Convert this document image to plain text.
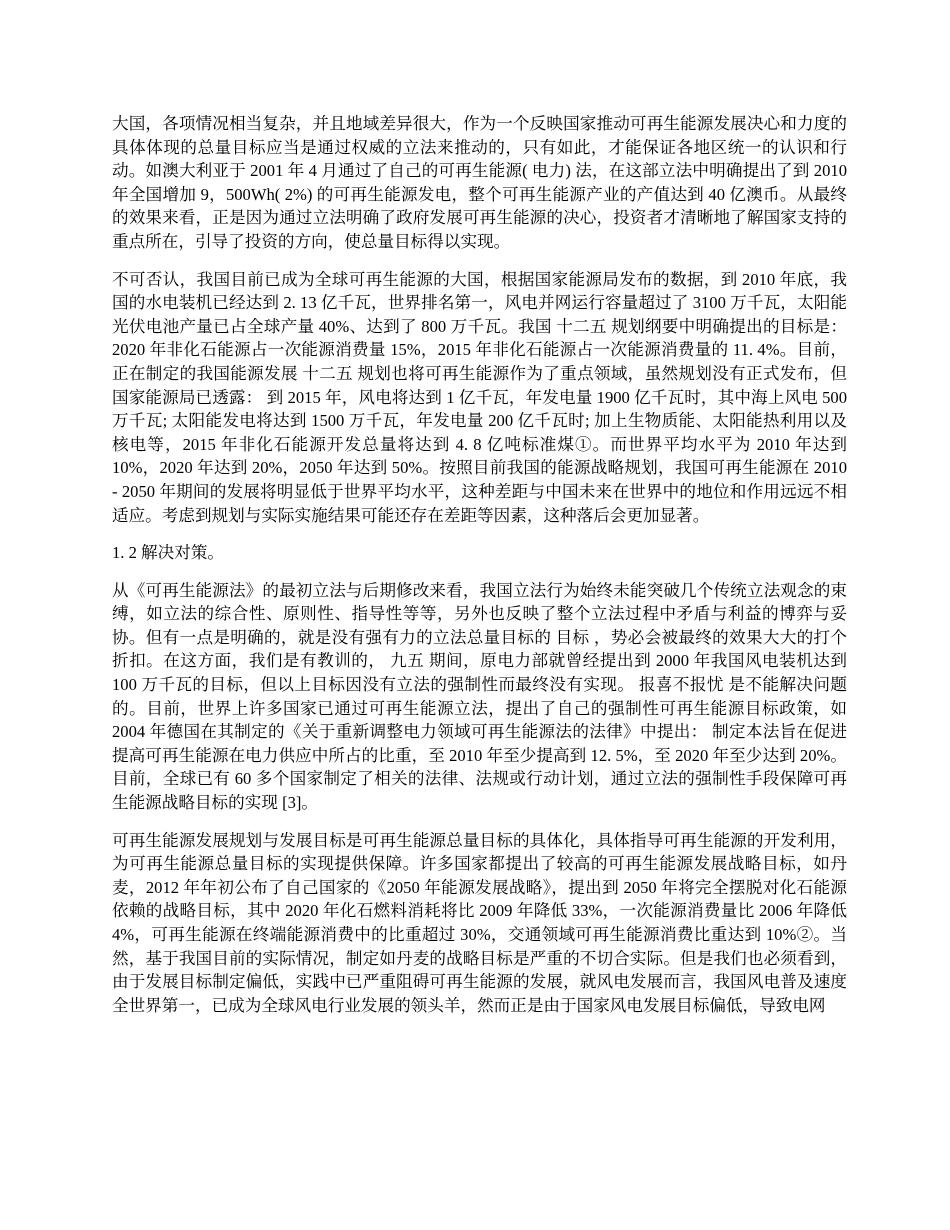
大国，各项情况相当复杂，并且地域差异很大，作为一个反映国家推动可再生能源发展决心和力度的具体体现的总量目标应当是通过权威的立法来推动的，只有如此，才能保证各地区统一的认识和行动。如澳大利亚于 2001 年 4 月通过了自己的可再生能源( 电力) 法，在这部立法中明确提出了到 2010 年全国增加 9，500Wh( 2%) 的可再生能源发电，整个可再生能源产业的产值达到 40 亿澳币。从最终的效果来看，正是因为通过立法明确了政府发展可再生能源的决心，投资者才清晰地了解国家支持的重点所在，引导了投资的方向，使总量目标得以实现。

不可否认，我国目前已成为全球可再生能源的大国，根据国家能源局发布的数据，到 2010 年底，我国的水电装机已经达到 2. 13 亿千瓦，世界排名第一，风电并网运行容量超过了 3100 万千瓦，太阳能光伏电池产量已占全球产量 40%、达到了 800 万千瓦。我国 十二五 规划纲要中明确提出的目标是： 2020 年非化石能源占一次能源消费量 15%，2015 年非化石能源占一次能源消费量的 11. 4%。目前，正在制定的我国能源发展 十二五 规划也将可再生能源作为了重点领域，虽然规划没有正式发布，但国家能源局已透露： 到 2015 年，风电将达到 1 亿千瓦，年发电量 1900 亿千瓦时，其中海上风电 500 万千瓦; 太阳能发电将达到 1500 万千瓦，年发电量 200 亿千瓦时; 加上生物质能、太阳能热利用以及核电等，2015 年非化石能源开发总量将达到 4. 8 亿吨标准煤①。而世界平均水平为 2010 年达到 10%，2020 年达到 20%，2050 年达到 50%。按照目前我国的能源战略规划，我国可再生能源在 2010 - 2050 年期间的发展将明显低于世界平均水平，这种差距与中国未来在世界中的地位和作用远远不相适应。考虑到规划与实际实施结果可能还存在差距等因素，这种落后会更加显著。

1. 2 解决对策。

从《可再生能源法》的最初立法与后期修改来看，我国立法行为始终未能突破几个传统立法观念的束缚，如立法的综合性、原则性、指导性等等，另外也反映了整个立法过程中矛盾与利益的博弈与妥协。但有一点是明确的，就是没有强有力的立法总量目标的 目标 ，势必会被最终的效果大大的打个折扣。在这方面，我们是有教训的， 九五 期间，原电力部就曾经提出到 2000 年我国风电装机达到 100 万千瓦的目标，但以上目标因没有立法的强制性而最终没有实现。 报喜不报忧 是不能解决问题的。目前，世界上许多国家已通过可再生能源立法，提出了自己的强制性可再生能源目标政策，如 2004 年德国在其制定的《关于重新调整电力领域可再生能源法的法律》中提出： 制定本法旨在促进提高可再生能源在电力供应中所占的比重，至 2010 年至少提高到 12. 5%，至 2020 年至少达到 20%。目前，全球已有 60 多个国家制定了相关的法律、法规或行动计划，通过立法的强制性手段保障可再生能源战略目标的实现 [3]。

可再生能源发展规划与发展目标是可再生能源总量目标的具体化，具体指导可再生能源的开发利用，为可再生能源总量目标的实现提供保障。许多国家都提出了较高的可再生能源发展战略目标，如丹麦，2012 年年初公布了自己国家的《2050 年能源发展战略》，提出到 2050 年将完全摆脱对化石能源依赖的战略目标，其中 2020 年化石燃料消耗将比 2009 年降低 33%，一次能源消费量比 2006 年降低 4%，可再生能源在终端能源消费中的比重超过 30%，交通领域可再生能源消费比重达到 10%②。当然，基于我国目前的实际情况，制定如丹麦的战略目标是严重的不切合实际。但是我们也必须看到，由于发展目标制定偏低，实践中已严重阻碍可再生能源的发展，就风电发展而言，我国风电普及速度全世界第一，已成为全球风电行业发展的领头羊，然而正是由于国家风电发展目标偏低，导致电网
